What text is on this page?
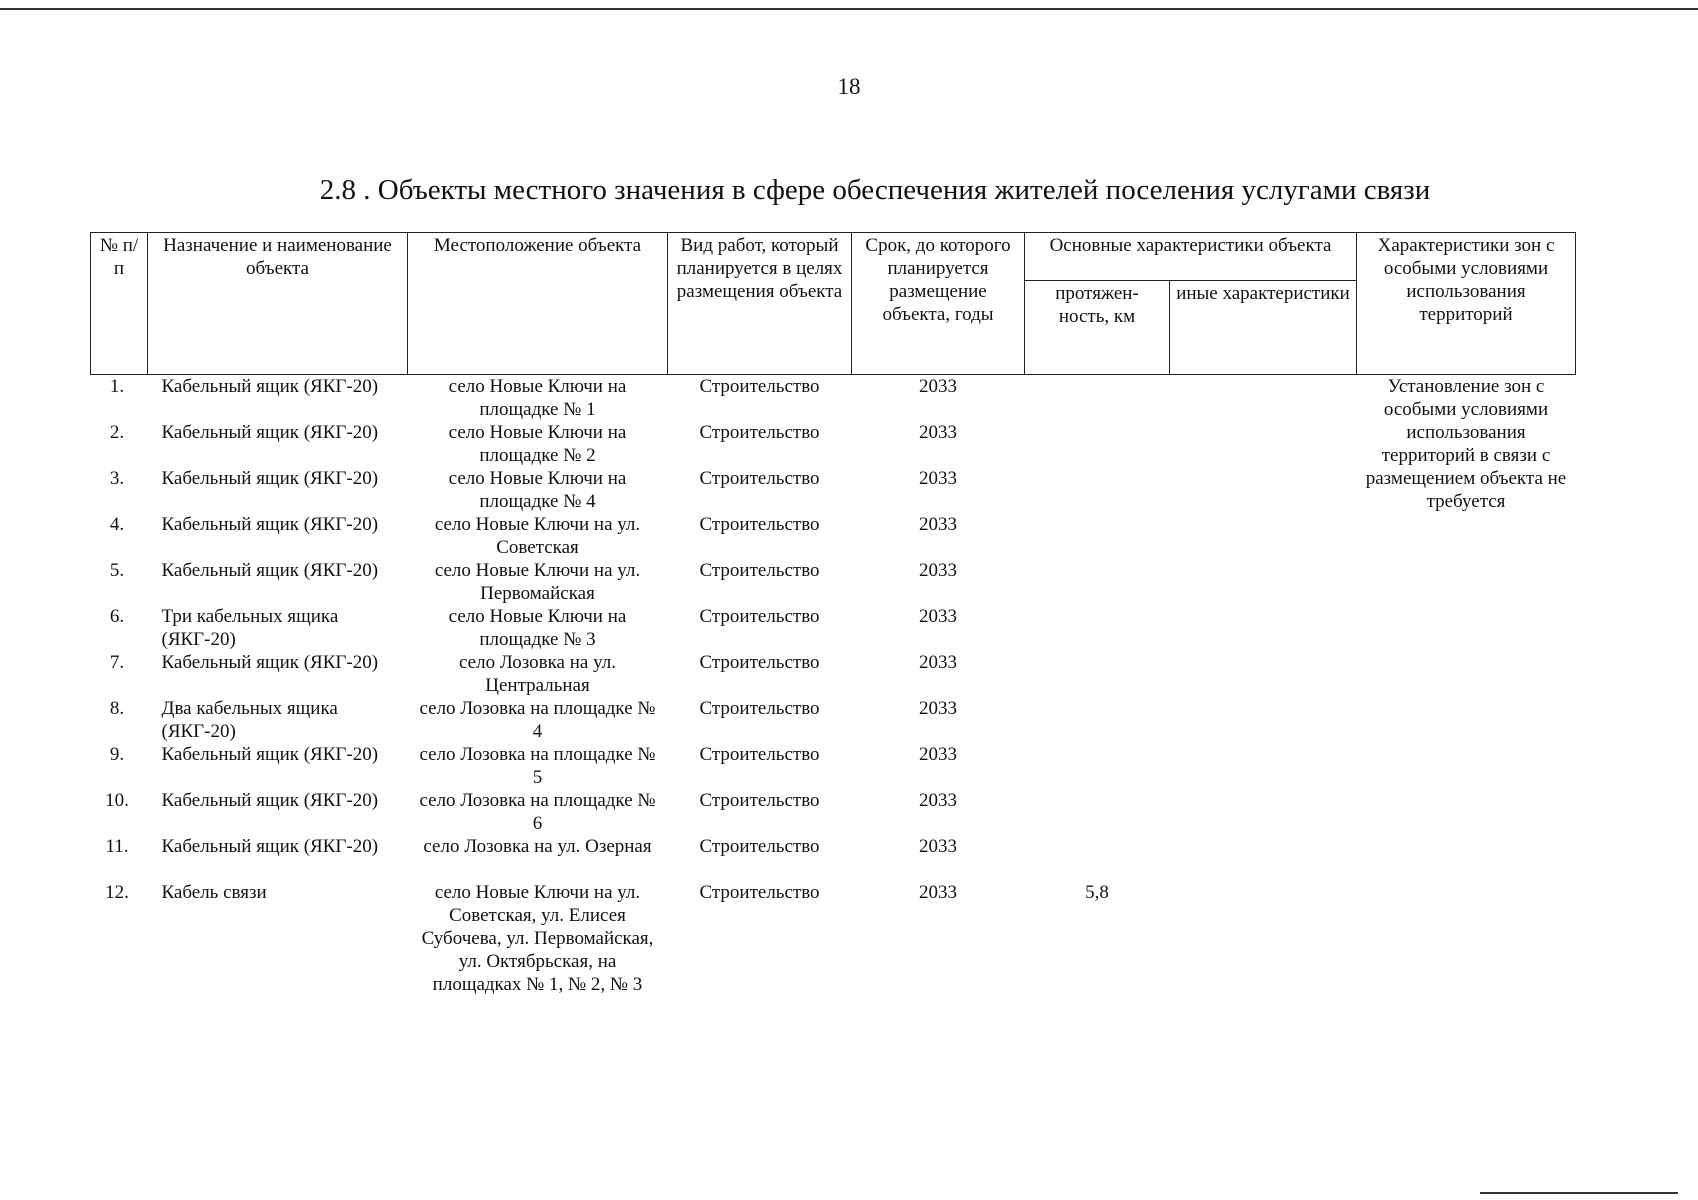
18
2.8 . Объекты местного значения в сфере обеспечения жителей поселения услугами связи
№ п/п	Назначение и наименование объекта	Местоположение объекта	Вид работ, который планируется в целях размещения объекта	Срок, до которого планируется размещение объекта, годы	Основные характеристики объекта		Характеристики зон с особыми условиями использования территорий
					протяжен-ность, км	иные характеристики	
1.	Кабельный ящик (ЯКГ-20)	село Новые Ключи на площадке № 1	Строительство	2033			Установление зон с особыми условиями использования территорий в связи с размещением объекта не требуется
2.	Кабельный ящик (ЯКГ-20)	село Новые Ключи на площадке № 2	Строительство	2033			
3.	Кабельный ящик (ЯКГ-20)	село Новые Ключи на площадке № 4	Строительство	2033			
4.	Кабельный ящик (ЯКГ-20)	село Новые Ключи на ул. Советская	Строительство	2033			
5.	Кабельный ящик (ЯКГ-20)	село Новые Ключи на ул. Первомайская	Строительство	2033			
6.	Три кабельных ящика (ЯКГ-20)	село Новые Ключи на площадке № 3	Строительство	2033			
7.	Кабельный ящик (ЯКГ-20)	село Лозовка на ул. Центральная	Строительство	2033			
8.	Два кабельных ящика (ЯКГ-20)	село Лозовка на площадке № 4	Строительство	2033			
9.	Кабельный ящик (ЯКГ-20)	село Лозовка на площадке № 5	Строительство	2033			
10.	Кабельный ящик (ЯКГ-20)	село Лозовка на площадке № 6	Строительство	2033			
11.	Кабельный ящик (ЯКГ-20)	село Лозовка на ул. Озерная	Строительство	2033			
12.	Кабель связи	село Новые Ключи на ул. Советская, ул. Елисея Субочева, ул. Первомайская, ул. Октябрьская, на площадках № 1, № 2, № 3	Строительство	2033	5,8		
